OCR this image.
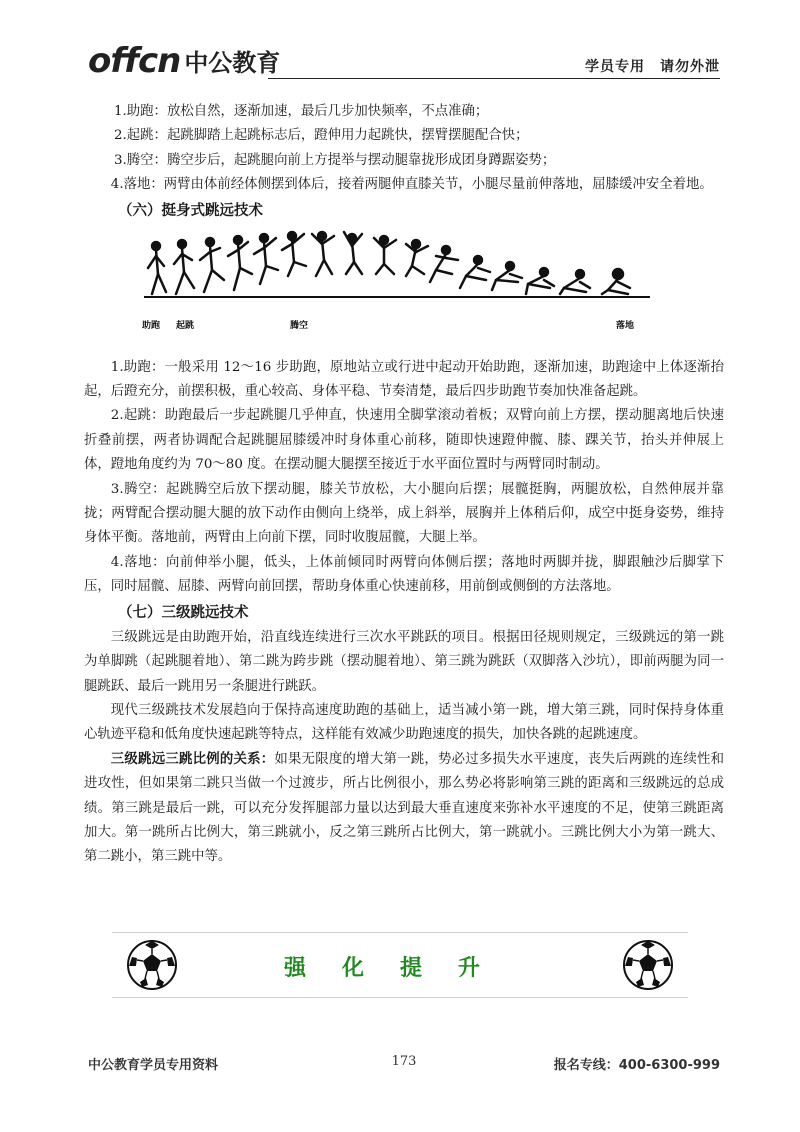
offcn 中公教育	学员专用　请勿外泄

1.助跑：放松自然，逐渐加速，最后几步加快频率，不点准确；

2.起跳：起跳脚踏上起跳标志后，蹬伸用力起跳快，摆臂摆腿配合快；

3.腾空：腾空步后，起跳腿向前上方提举与摆动腿靠拢形成团身蹲踞姿势；

4.落地：两臂由体前经体侧摆到体后，接着两腿伸直膝关节，小腿尽量前伸落地，屈膝缓冲安全着地。

（六）挺身式跳远技术
助跑 起跳	腾空	落地

1.助跑：一般采用 12～16 步助跑，原地站立或行进中起动开始助跑，逐渐加速，助跑途中上体逐渐抬起，后蹬充分，前摆积极，重心较高、身体平稳、节奏清楚，最后四步助跑节奏加快准备起跳。

2.起跳：助跑最后一步起跳腿几乎伸直，快速用全脚掌滚动着板；双臂向前上方摆，摆动腿离地后快速折叠前摆，两者协调配合起跳腿屈膝缓冲时身体重心前移，随即快速蹬伸髋、膝、踝关节，抬头并伸展上体，蹬地角度约为 70～80 度。在摆动腿大腿摆至接近于水平面位置时与两臂同时制动。

3.腾空：起跳腾空后放下摆动腿，膝关节放松，大小腿向后摆；展髋挺胸，两腿放松，自然伸展并靠拢；两臂配合摆动腿大腿的放下动作由侧向上绕举，成上斜举，展胸并上体稍后仰，成空中挺身姿势，维持身体平衡。落地前，两臂由上向前下摆，同时收腹屈髋，大腿上举。

4.落地：向前伸举小腿，低头，上体前倾同时两臂向体侧后摆；落地时两脚并拢，脚跟触沙后脚掌下压，同时屈髋、屈膝、两臂向前回摆，帮助身体重心快速前移，用前倒或侧倒的方法落地。

（七）三级跳远技术

三级跳远是由助跑开始，沿直线连续进行三次水平跳跃的项目。根据田径规则规定，三级跳远的第一跳为单脚跳（起跳腿着地）、第二跳为跨步跳（摆动腿着地）、第三跳为跳跃（双脚落入沙坑），即前两腿为同一腿跳跃、最后一跳用另一条腿进行跳跃。

现代三级跳技术发展趋向于保持高速度助跑的基础上，适当减小第一跳，增大第三跳，同时保持身体重心轨迹平稳和低角度快速起跳等特点，这样能有效减少助跑速度的损失，加快各跳的起跳速度。

三级跳远三跳比例的关系：如果无限度的增大第一跳，势必过多损失水平速度，丧失后两跳的连续性和进攻性，但如果第二跳只当做一个过渡步，所占比例很小，那么势必将影响第三跳的距离和三级跳远的总成绩。第三跳是最后一跳，可以充分发挥腿部力量以达到最大垂直速度来弥补水平速度的不足，使第三跳距离加大。第一跳所占比例大，第三跳就小，反之第三跳所占比例大，第一跳就小。三跳比例大小为第一跳大、第二跳小，第三跳中等。

强化提升
中公教育学员专用资料	173	报名专线：400-6300-999
